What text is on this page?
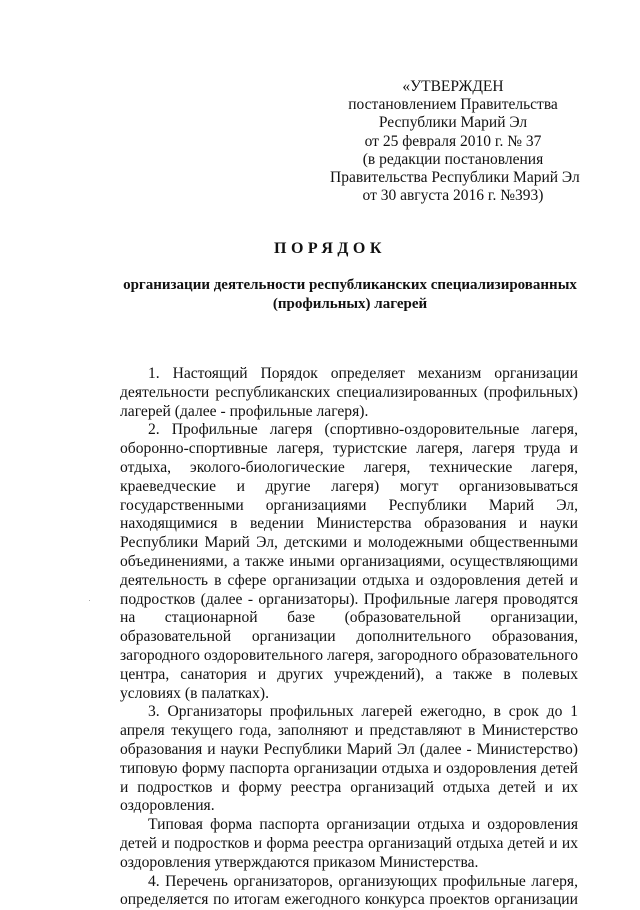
«УТВЕРЖДЕН
постановлением Правительства
Республики Марий Эл
от 25 февраля 2010 г. № 37
(в редакции постановления
Правительства Республики Марий Эл
от 30 августа 2016 г. №393)
ПОРЯДОК
организации деятельности республиканских специализированных (профильных) лагерей

1. Настоящий Порядок определяет механизм организации деятельности республиканских специализированных (профильных) лагерей (далее - профильные лагеря).

2. Профильные лагеря (спортивно-оздоровительные лагеря, оборонно-спортивные лагеря, туристские лагеря, лагеря труда и отдыха, эколого-биологические лагеря, технические лагеря, краеведческие и другие лагеря) могут организовываться государственными организациями Республики Марий Эл, находящимися в ведении Министерства образования и науки Республики Марий Эл, детскими и молодежными общественными объединениями, а также иными организациями, осуществляющими деятельность в сфере организации отдыха и оздоровления детей и подростков (далее - организаторы). Профильные лагеря проводятся на стационарной базе (образовательной организации, образовательной организации дополнительного образования, загородного оздоровительного лагеря, загородного образовательного центра, санатория и других учреждений), а также в полевых условиях (в палатках).

3. Организаторы профильных лагерей ежегодно, в срок до 1 апреля текущего года, заполняют и представляют в Министерство образования и науки Республики Марий Эл (далее - Министерство) типовую форму паспорта организации отдыха и оздоровления детей и подростков и форму реестра организаций отдыха детей и их оздоровления.

Типовая форма паспорта организации отдыха и оздоровления детей и подростков и форма реестра организаций отдыха детей и их оздоровления утверждаются приказом Министерства.

4. Перечень организаторов, организующих профильные лагеря, определяется по итогам ежегодного конкурса проектов организации
